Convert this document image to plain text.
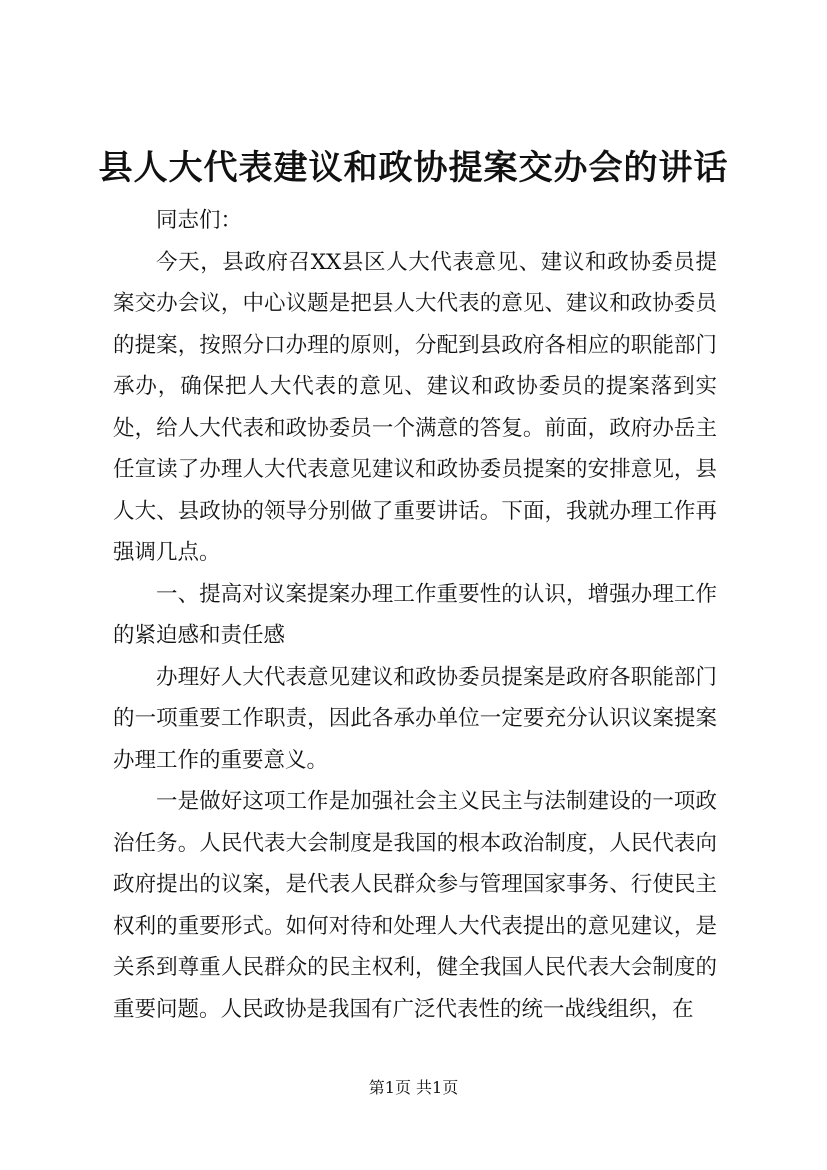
县人大代表建议和政协提案交办会的讲话

同志们：

今天，县政府召XX县区人大代表意见、建议和政协委员提案交办会议，中心议题是把县人大代表的意见、建议和政协委员的提案，按照分口办理的原则，分配到县政府各相应的职能部门承办，确保把人大代表的意见、建议和政协委员的提案落到实处，给人大代表和政协委员一个满意的答复。前面，政府办岳主任宣读了办理人大代表意见建议和政协委员提案的安排意见，县人大、县政协的领导分别做了重要讲话。下面，我就办理工作再强调几点。

一、提高对议案提案办理工作重要性的认识，增强办理工作的紧迫感和责任感

办理好人大代表意见建议和政协委员提案是政府各职能部门的一项重要工作职责，因此各承办单位一定要充分认识议案提案办理工作的重要意义。

一是做好这项工作是加强社会主义民主与法制建设的一项政治任务。人民代表大会制度是我国的根本政治制度，人民代表向政府提出的议案，是代表人民群众参与管理国家事务、行使民主权利的重要形式。如何对待和处理人大代表提出的意见建议，是关系到尊重人民群众的民主权利，健全我国人民代表大会制度的重要问题。人民政协是我国有广泛代表性的统一战线组织，在

第1页 共1页
